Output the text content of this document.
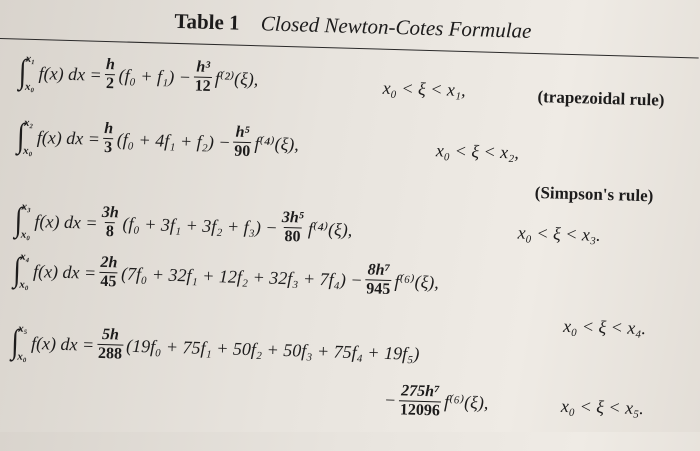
Table 1 Closed Newton-Cotes Formulae
∫
x₁
x₀
f(x) dx = $\frac{h}{2} (f_0 + f_1) - \frac{\text{h³}}{12} f^{(2)}(\xi)$,	x₀ < ξ < x₁,	(trapezoidal rule)
∫
x₂
x₀
f(x) dx = $\frac{h}{3} (f_0 + 4f_1 + f_2) - \frac{\text{h⁵}}{90} f^{(4)}(\xi)$,	x₀ < ξ < x₂,
(Simpson's rule)
∫
x₃
x₀
f(x) dx = $\frac{3h}{8} (f_0 + 3f_1 + 3f_2 + f_3) - \frac{\text{3h⁵}}{80} f^{(4)}(\xi)$,	x₀ < ξ < x₃.
∫
x₄
x₀
f(x) dx = $\frac{2h}{45} (7f_0 + 32f_1 + 12f_2 + 32f_3 + 7f_4) - \frac{\text{8h⁷}}{945} f^{(6)}(\xi)$,
x₀ < ξ < x₄.
∫
x₅
x₀
f(x) dx = $\frac{5h}{288} (19f_0 + 75f_1 + 50f_2 + 50f_3 + 75f_4 + 19f_5)$
− $\frac{\text{275h⁷}}{12096} f^{(6)}(\xi)$,	x₀ < ξ < x₅.
